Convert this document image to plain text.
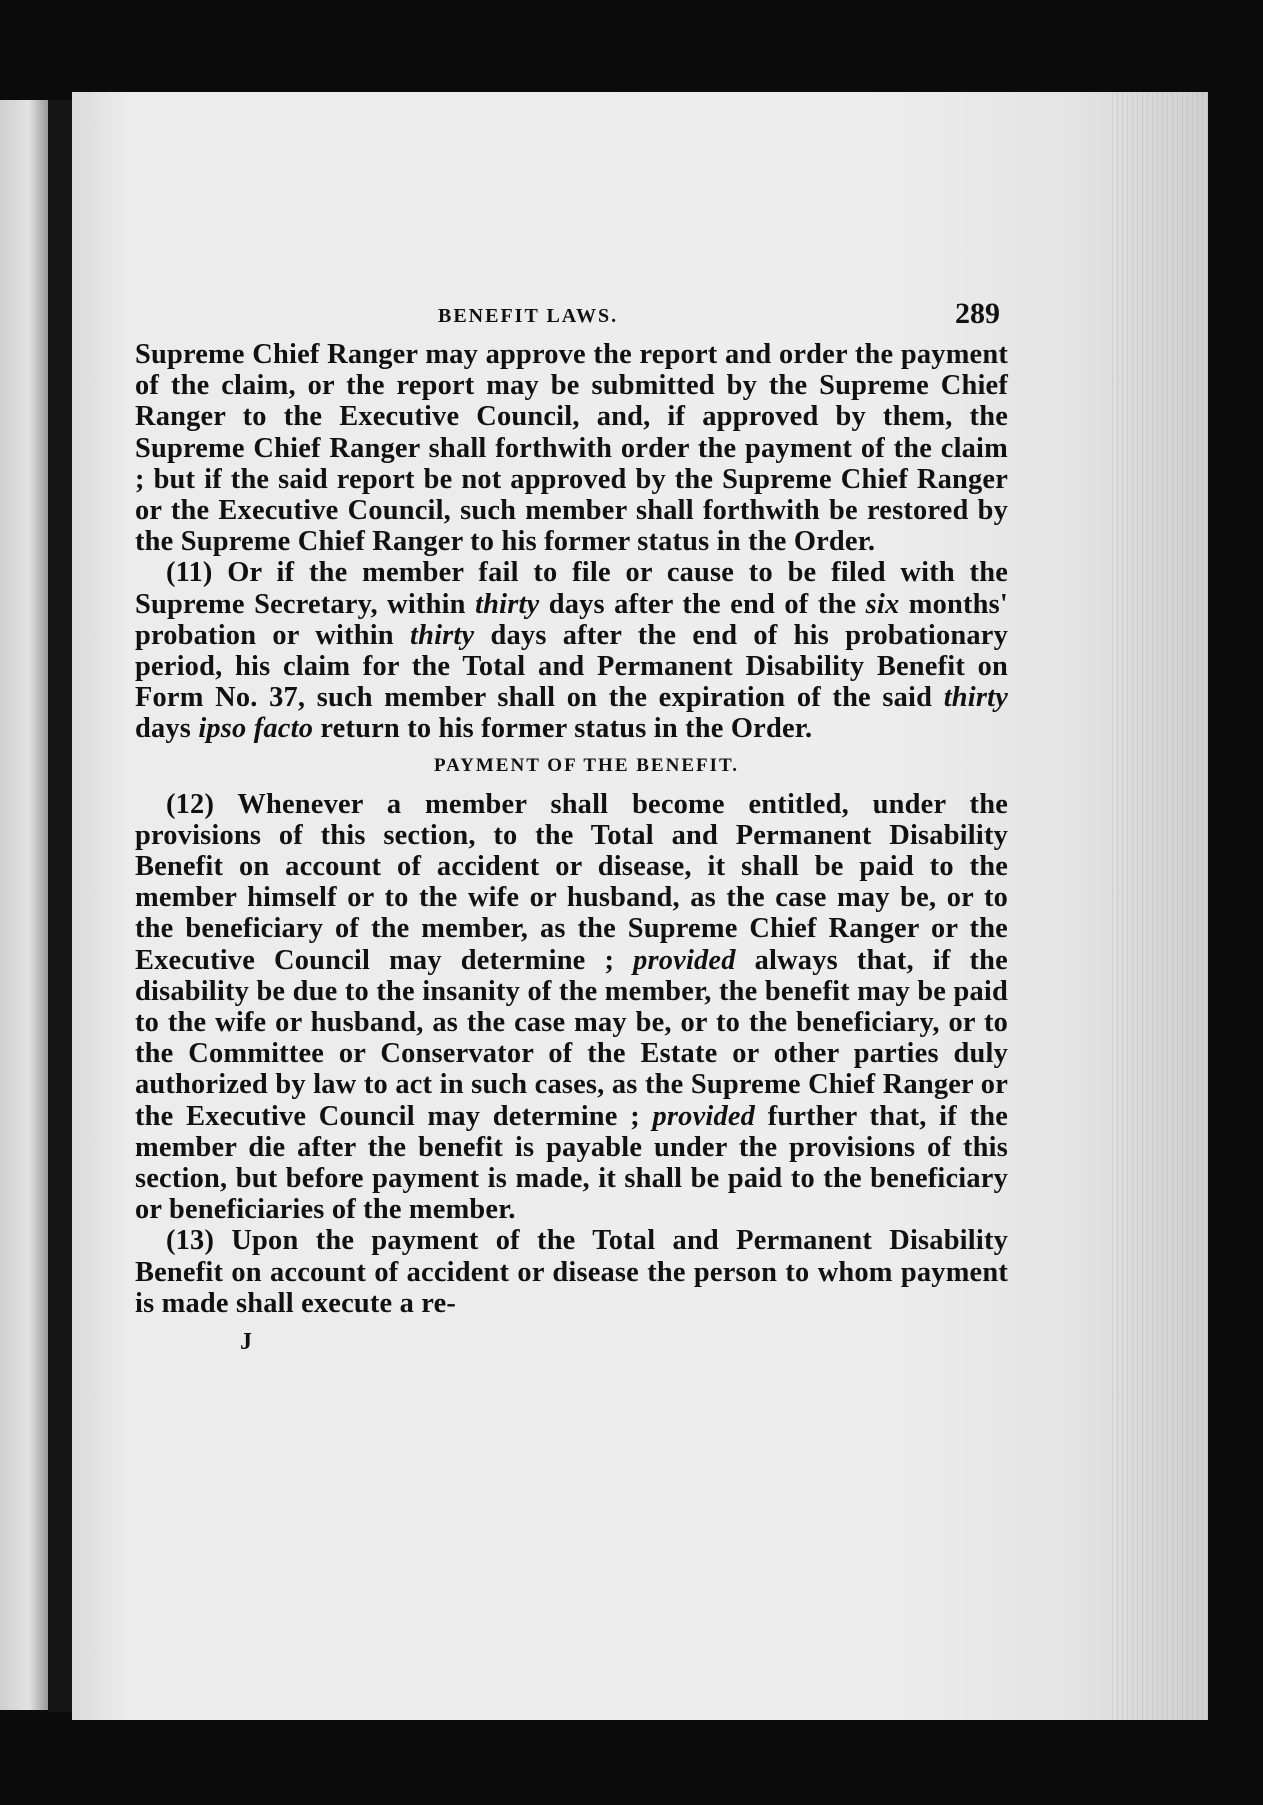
BENEFIT LAWS.	289

Supreme Chief Ranger may approve the report and order the payment of the claim, or the report may be submitted by the Supreme Chief Ranger to the Executive Council, and, if approved by them, the Supreme Chief Ranger shall forthwith order the payment of the claim ; but if the said report be not approved by the Supreme Chief Ranger or the Executive Council, such member shall forthwith be restored by the Supreme Chief Ranger to his former status in the Order.

(11) Or if the member fail to file or cause to be filed with the Supreme Secretary, within thirty days after the end of the six months' probation or within thirty days after the end of his probationary period, his claim for the Total and Permanent Disability Benefit on Form No. 37, such member shall on the expiration of the said thirty days ipso facto return to his former status in the Order.

PAYMENT OF THE BENEFIT.

(12) Whenever a member shall become entitled, under the provisions of this section, to the Total and Permanent Disability Benefit on account of accident or disease, it shall be paid to the member himself or to the wife or husband, as the case may be, or to the beneficiary of the member, as the Supreme Chief Ranger or the Executive Council may determine ; provided always that, if the disability be due to the insanity of the member, the benefit may be paid to the wife or husband, as the case may be, or to the beneficiary, or to the Committee or Conservator of the Estate or other parties duly authorized by law to act in such cases, as the Supreme Chief Ranger or the Executive Council may determine ; provided further that, if the member die after the benefit is payable under the provisions of this section, but before payment is made, it shall be paid to the beneficiary or beneficiaries of the member.

(13) Upon the payment of the Total and Permanent Disability Benefit on account of accident or disease the person to whom payment is made shall execute a re-

J
